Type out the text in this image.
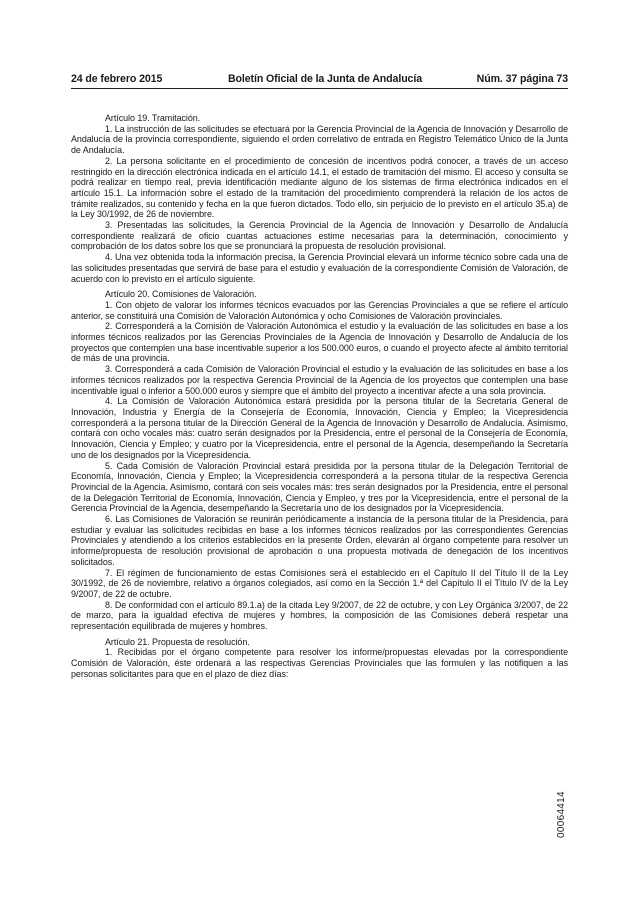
24 de febrero 2015	Boletín Oficial de la Junta de Andalucía	Núm. 37 página 73

Artículo 19. Tramitación.

1. La instrucción de las solicitudes se efectuará por la Gerencia Provincial de la Agencia de Innovación y Desarrollo de Andalucía de la provincia correspondiente, siguiendo el orden correlativo de entrada en Registro Telemático Único de la Junta de Andalucía.

2. La persona solicitante en el procedimiento de concesión de incentivos podrá conocer, a través de un acceso restringido en la dirección electrónica indicada en el artículo 14.1, el estado de tramitación del mismo. El acceso y consulta se podrá realizar en tiempo real, previa identificación mediante alguno de los sistemas de firma electrónica indicados en el artículo 15.1. La información sobre el estado de la tramitación del procedimiento comprenderá la relación de los actos de trámite realizados, su contenido y fecha en la que fueron dictados. Todo ello, sin perjuicio de lo previsto en el artículo 35.a) de la Ley 30/1992, de 26 de noviembre.

3. Presentadas las solicitudes, la Gerencia Provincial de la Agencia de Innovación y Desarrollo de Andalucía correspondiente realizará de oficio cuantas actuaciones estime necesarias para la determinación, conocimiento y comprobación de los datos sobre los que se pronunciará la propuesta de resolución provisional.

4. Una vez obtenida toda la información precisa, la Gerencia Provincial elevará un informe técnico sobre cada una de las solicitudes presentadas que servirá de base para el estudio y evaluación de la correspondiente Comisión de Valoración, de acuerdo con lo previsto en el artículo siguiente.

Artículo 20. Comisiones de Valoración.

1. Con objeto de valorar los informes técnicos evacuados por las Gerencias Provinciales a que se refiere el artículo anterior, se constituirá una Comisión de Valoración Autonómica y ocho Comisiones de Valoración provinciales.

2. Corresponderá a la Comisión de Valoración Autonómica el estudio y la evaluación de las solicitudes en base a los informes técnicos realizados por las Gerencias Provinciales de la Agencia de Innovación y Desarrollo de Andalucía de los proyectos que contemplen una base incentivable superior a los 500.000 euros, o cuando el proyecto afecte al ámbito territorial de más de una provincia.

3. Corresponderá a cada Comisión de Valoración Provincial el estudio y la evaluación de las solicitudes en base a los informes técnicos realizados por la respectiva Gerencia Provincial de la Agencia de los proyectos que contemplen una base incentivable igual o inferior a 500.000 euros y siempre que el ámbito del proyecto a incentivar afecte a una sola provincia.

4. La Comisión de Valoración Autonómica estará presidida por la persona titular de la Secretaría General de Innovación, Industria y Energía de la Consejería de Economía, Innovación, Ciencia y Empleo; la Vicepresidencia corresponderá a la persona titular de la Dirección General de la Agencia de Innovación y Desarrollo de Andalucía. Asimismo, contará con ocho vocales más: cuatro serán designados por la Presidencia, entre el personal de la Consejería de Economía, Innovación, Ciencia y Empleo; y cuatro por la Vicepresidencia, entre el personal de la Agencia, desempeñando la Secretaría uno de los designados por la Vicepresidencia.

5. Cada Comisión de Valoración Provincial estará presidida por la persona titular de la Delegación Territorial de Economía, Innovación, Ciencia y Empleo; la Vicepresidencia corresponderá a la persona titular de la respectiva Gerencia Provincial de la Agencia. Asimismo, contará con seis vocales más: tres serán designados por la Presidencia, entre el personal de la Delegación Territorial de Economía, Innovación, Ciencia y Empleo, y tres por la Vicepresidencia, entre el personal de la Gerencia Provincial de la Agencia, desempeñando la Secretaría uno de los designados por la Vicepresidencia.

6. Las Comisiones de Valoración se reunirán periódicamente a instancia de la persona titular de la Presidencia, para estudiar y evaluar las solicitudes recibidas en base a los informes técnicos realizados por las correspondientes Gerencias Provinciales y atendiendo a los criterios establecidos en la presente Orden, elevarán al órgano competente para resolver un informe/propuesta de resolución provisional de aprobación o una propuesta motivada de denegación de los incentivos solicitados.

7. El régimen de funcionamiento de estas Comisiones será el establecido en el Capítulo II del Título II de la Ley 30/1992, de 26 de noviembre, relativo a órganos colegiados, así como en la Sección 1.ª del Capítulo II el Título IV de la Ley 9/2007, de 22 de octubre.

8. De conformidad con el artículo 89.1.a) de la citada Ley 9/2007, de 22 de octubre, y con Ley Orgánica 3/2007, de 22 de marzo, para la igualdad efectiva de mujeres y hombres, la composición de las Comisiones deberá respetar una representación equilibrada de mujeres y hombres.

Artículo 21. Propuesta de resolución.

1. Recibidas por el órgano competente para resolver los informe/propuestas elevadas por la correspondiente Comisión de Valoración, éste ordenará a las respectivas Gerencias Provinciales que las formulen y las notifiquen a las personas solicitantes para que en el plazo de diez días:

00064414
